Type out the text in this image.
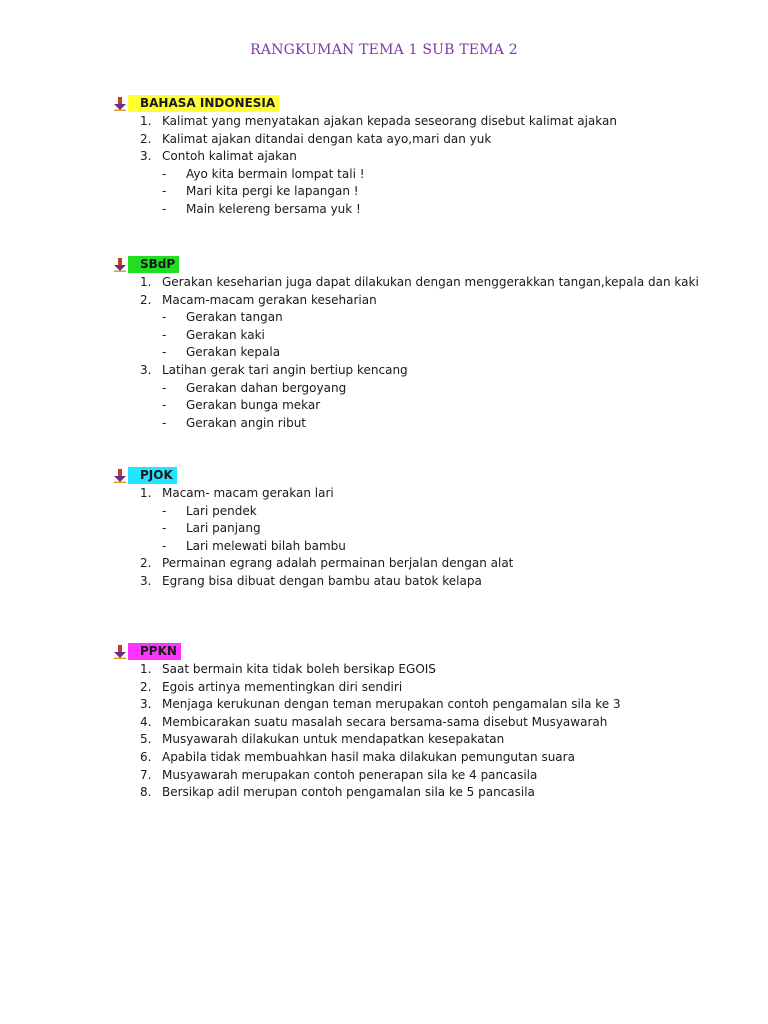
RANGKUMAN TEMA 1 SUB TEMA 2
BAHASA INDONESIA
1. Kalimat yang menyatakan ajakan kepada seseorang disebut kalimat ajakan
2. Kalimat ajakan ditandai dengan kata ayo,mari dan yuk
3. Contoh kalimat ajakan
- Ayo kita bermain lompat tali !
- Mari kita pergi ke lapangan !
- Main kelereng bersama yuk !
SBdP
1. Gerakan keseharian juga dapat dilakukan dengan menggerakkan tangan,kepala dan kaki
2. Macam-macam gerakan keseharian
- Gerakan tangan
- Gerakan kaki
- Gerakan kepala
3. Latihan gerak tari angin bertiup kencang
- Gerakan dahan bergoyang
- Gerakan bunga mekar
- Gerakan angin ribut
PJOK
1. Macam- macam gerakan lari
- Lari pendek
- Lari panjang
- Lari melewati bilah bambu
2. Permainan egrang adalah permainan berjalan dengan alat
3. Egrang bisa dibuat dengan bambu atau batok kelapa
PPKN
1. Saat bermain kita tidak boleh bersikap EGOIS
2. Egois artinya mementingkan diri sendiri
3. Menjaga kerukunan dengan teman merupakan contoh pengamalan sila ke 3
4. Membicarakan suatu masalah secara bersama-sama disebut Musyawarah
5. Musyawarah dilakukan untuk mendapatkan kesepakatan
6. Apabila tidak membuahkan hasil maka dilakukan pemungutan suara
7. Musyawarah merupakan contoh penerapan sila ke 4 pancasila
8. Bersikap adil merupan contoh pengamalan sila ke 5 pancasila
